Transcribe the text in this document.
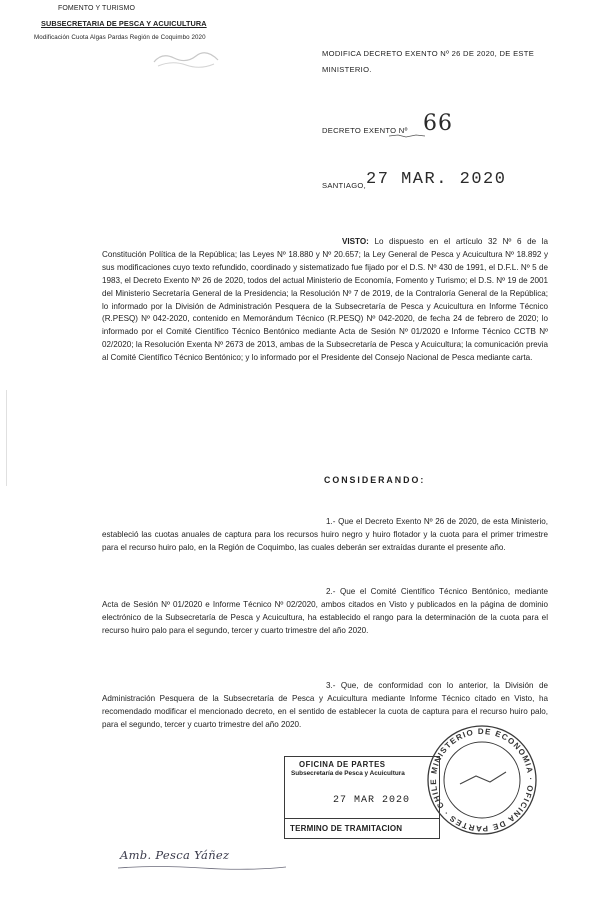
FOMENTO Y TURISMO
SUBSECRETARIA DE PESCA Y ACUICULTURA
Modificación Cuota Algas Pardas Región de Coquimbo 2020
MODIFICA DECRETO EXENTO Nº 26 DE 2020, DE ESTE MINISTERIO.
DECRETO EXENTO Nº 66
SANTIAGO, 27 MAR. 2020
VISTO: Lo dispuesto en el artículo 32 Nº 6 de la Constitución Política de la República; las Leyes Nº 18.880 y Nº 20.657; la Ley General de Pesca y Acuicultura Nº 18.892 y sus modificaciones cuyo texto refundido, coordinado y sistematizado fue fijado por el D.S. Nº 430 de 1991, el D.F.L. Nº 5 de 1983, el Decreto Exento Nº 26 de 2020, todos del actual Ministerio de Economía, Fomento y Turismo; el D.S. Nº 19 de 2001 del Ministerio Secretaría General de la Presidencia; la Resolución Nº 7 de 2019, de la Contraloría General de la República; lo informado por la División de Administración Pesquera de la Subsecretaría de Pesca y Acuicultura en Informe Técnico (R.PESQ) Nº 042-2020, contenido en Memorándum Técnico (R.PESQ) Nº 042-2020, de fecha 24 de febrero de 2020; lo informado por el Comité Científico Técnico Bentónico mediante Acta de Sesión Nº 01/2020 e Informe Técnico CCTB Nº 02/2020; la Resolución Exenta Nº 2673 de 2013, ambas de la Subsecretaría de Pesca y Acuicultura; la comunicación previa al Comité Científico Técnico Bentónico; y lo informado por el Presidente del Consejo Nacional de Pesca mediante carta.
CONSIDERANDO:
1.- Que el Decreto Exento Nº 26 de 2020, de esta Ministerio, estableció las cuotas anuales de captura para los recursos huiro negro y huiro flotador y la cuota para el primer trimestre para el recurso huiro palo, en la Región de Coquimbo, las cuales deberán ser extraídas durante el presente año.
2.- Que el Comité Científico Técnico Bentónico, mediante Acta de Sesión Nº 01/2020 e Informe Técnico Nº 02/2020, ambos citados en Visto y publicados en la página de dominio electrónico de la Subsecretaría de Pesca y Acuicultura, ha establecido el rango para la determinación de la cuota para el recurso huiro palo para el segundo, tercer y cuarto trimestre del año 2020.
3.- Que, de conformidad con lo anterior, la División de Administración Pesquera de la Subsecretaría de Pesca y Acuicultura mediante Informe Técnico citado en Visto, ha recomendado modificar el mencionado decreto, en el sentido de establecer la cuota de captura para el recurso huiro palo, para el segundo, tercer y cuarto trimestre del año 2020.
MINISTERIO DE ECONOMIA · OFICINA DE PARTES · CHILE
OFICINA DE PARTES
Subsecretaría de Pesca y Acuicultura
27 MAR 2020
TERMINO DE TRAMITACION
Amb. Pesca Yáñez
